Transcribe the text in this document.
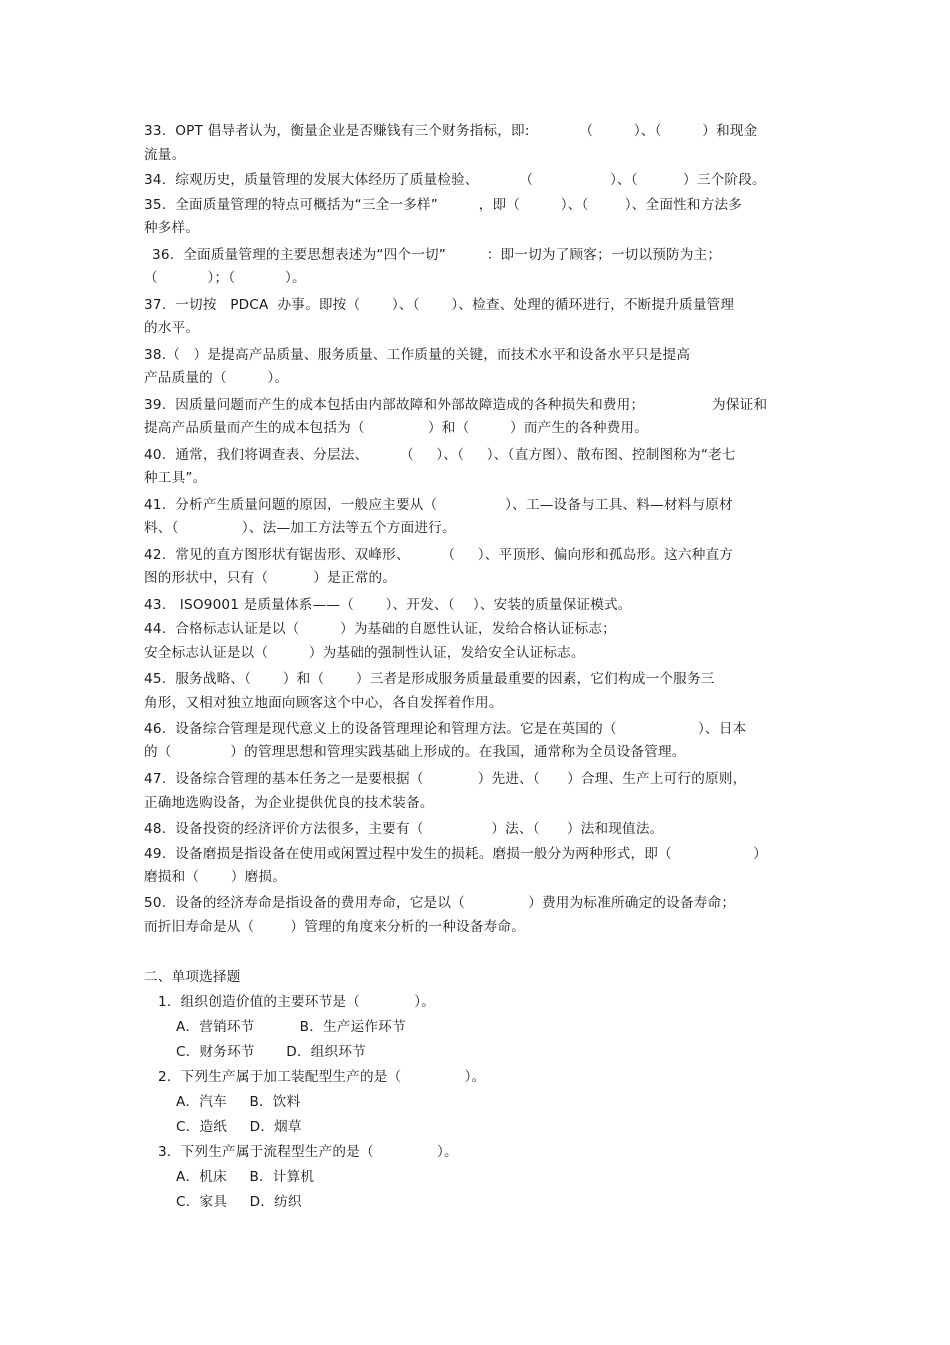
33.  OPT 倡导者认为，衡量企业是否赚钱有三个财务指标，即:           （         ）、（         ）和现金
流量。
34.  综观历史，质量管理的发展大体经历了质量检验、         （                 ）、（          ）三个阶段。
35.  全面质量管理的特点可概括为“三全一多样”         ，即（         ）、（        ）、全面性和方法多
种多样。
36.  全面质量管理的主要思想表述为“四个一切”         ：即一切为了顾客；一切以预防为主；
（           ）；（           ）。
37.  一切按   PDCA  办事。即按（       ）、（       ）、检查、处理的循环进行，不断提升质量管理
的水平。
38.（   ）是提高产品质量、服务质量、工作质量的关键，而技术水平和设备水平只是提高
产品质量的（         ）。
39.  因质量问题而产生的成本包括由内部故障和外部故障造成的各种损失和费用；               为保证和
提高产品质量而产生的成本包括为（              ）和（         ）而产生的各种费用。
40.  通常，我们将调查表、分层法、       （     ）、（     ）、（直方图）、散布图、控制图称为“老七
种工具”。
41.  分析产生质量问题的原因，一般应主要从（               ）、工—设备与工具、料—材料与原材
料、（              ）、法—加工方法等五个方面进行。
42.  常见的直方图形状有锯齿形、双峰形、       （     ）、平顶形、偏向形和孤岛形。这六种直方
图的形状中，只有（          ）是正常的。
43.   ISO9001 是质量体系——（       ）、开发、（    ）、安装的质量保证模式。
44.  合格标志认证是以（         ）为基础的自愿性认证，发给合格认证标志；
安全标志认证是以（         ）为基础的强制性认证，发给安全认证标志。
45.  服务战略、（       ）和（       ）三者是形成服务质量最重要的因素，它们构成一个服务三
角形，又相对独立地面向顾客这个中心，各自发挥着作用。
46.  设备综合管理是现代意义上的设备管理理论和管理方法。它是在英国的（                  ）、日本
的（             ）的管理思想和管理实践基础上形成的。在我国，通常称为全员设备管理。
47.  设备综合管理的基本任务之一是要根据（            ）先进、（      ）合理、生产上可行的原则，
正确地选购设备，为企业提供优良的技术装备。
48.  设备投资的经济评价方法很多，主要有（               ）法、（      ）法和现值法。
49.  设备磨损是指设备在使用或闲置过程中发生的损耗。磨损一般分为两种形式，即（                  ）
磨损和（       ）磨损。
50.  设备的经济寿命是指设备的费用寿命，它是以（              ）费用为标准所确定的设备寿命；
而折旧寿命是从（        ）管理的角度来分析的一种设备寿命。
二、单项选择题
1．组织创造价值的主要环节是（            ）。
A．营销环节          B．生产运作环节
C．财务环节       D．组织环节
2．下列生产属于加工装配型生产的是（              ）。
A．汽车     B．饮料
C．造纸     D．烟草
3．下列生产属于流程型生产的是（              ）。
A．机床     B．计算机
C．家具     D．纺织
